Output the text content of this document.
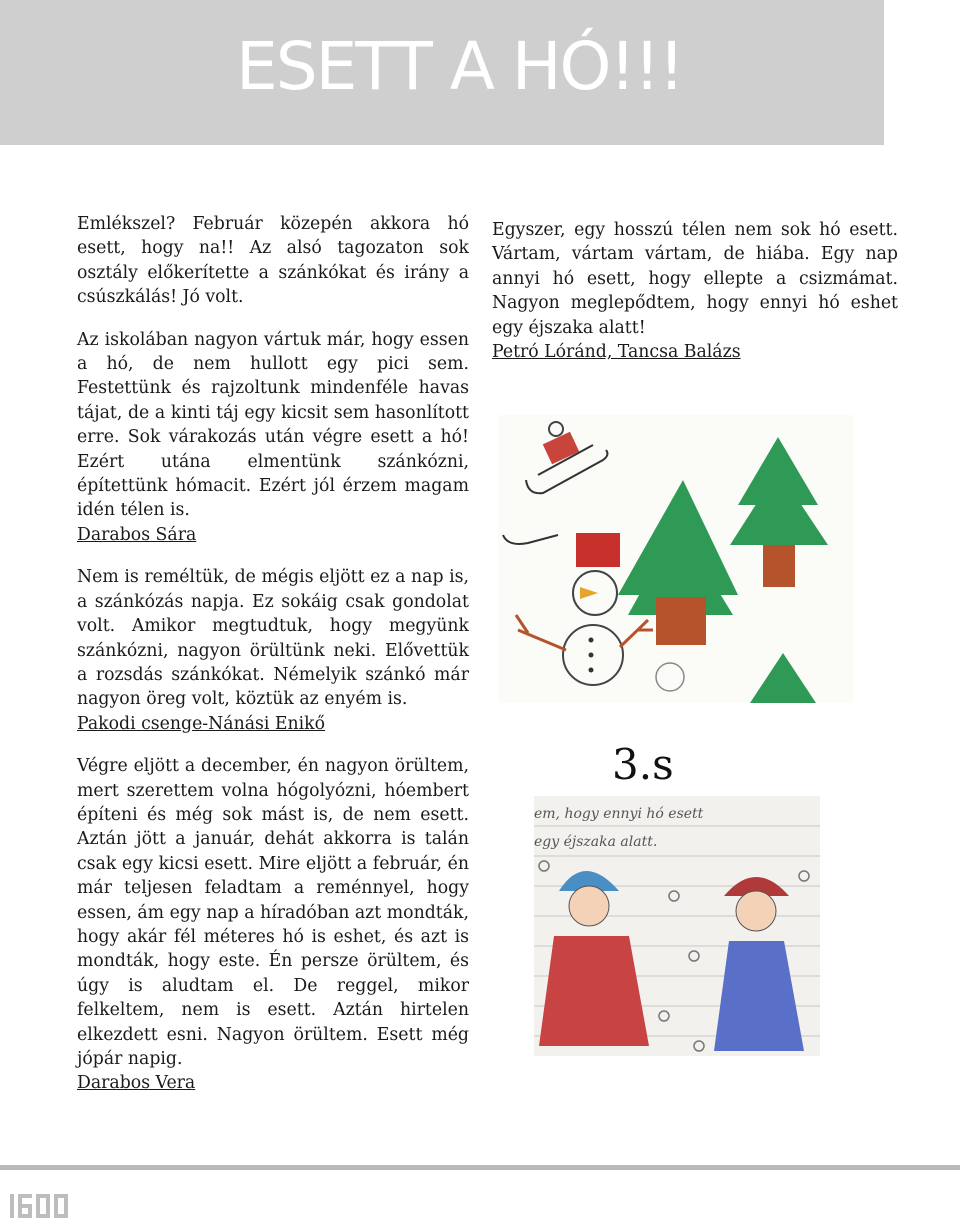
ESETT A HÓ!!!

Emlékszel? Február közepén akkora hó esett, hogy na!! Az alsó tagozaton sok osztály előkerítette a szánkókat és irány a csúszkálás! Jó volt.

Az iskolában nagyon vártuk már, hogy essen a hó, de nem hullott egy pici sem. Festettünk és rajzoltunk mindenféle havas tájat, de a kinti táj egy kicsit sem hasonlított erre. Sok várakozás után végre esett a hó! Ezért utána elmentünk szánkózni, építettünk hómacit. Ezért jól érzem magam idén télen is.
Darabos Sára

Nem is reméltük, de mégis eljött ez a nap is, a szánkózás napja. Ez sokáig csak gondolat volt. Amikor megtudtuk, hogy megyünk szánkózni, nagyon örültünk neki. Elővettük a rozsdás szánkókat. Némelyik szánkó már nagyon öreg volt, köztük az enyém is.
Pakodi csenge-Nánási Enikő

Végre eljött a december, én nagyon örültem, mert szerettem volna hógolyózni, hóembert építeni és még sok mást is, de nem esett. Aztán jött a január, dehát akkorra is talán csak egy kicsi esett. Mire eljött a február, én már teljesen feladtam a reménnyel, hogy essen, ám egy nap a híradóban azt mondták, hogy akár fél méteres hó is eshet, és azt is mondták, hogy este. Én persze örültem, és úgy is aludtam el. De reggel, mikor felkeltem, nem is esett. Aztán hirtelen elkezdett esni. Nagyon örültem. Esett még jópár napig.
Darabos Vera

Egyszer, egy hosszú télen nem sok hó esett. Vártam, vártam vártam, de hiába. Egy nap annyi hó esett, hogy ellepte a csizmámat. Nagyon meglepődtem, hogy ennyi hó eshet egy éjszaka alatt!
Petró Lóránd, Tancsa Balázs

3.s
em, hogy ennyi hó esett
egy éjszaka alatt.
